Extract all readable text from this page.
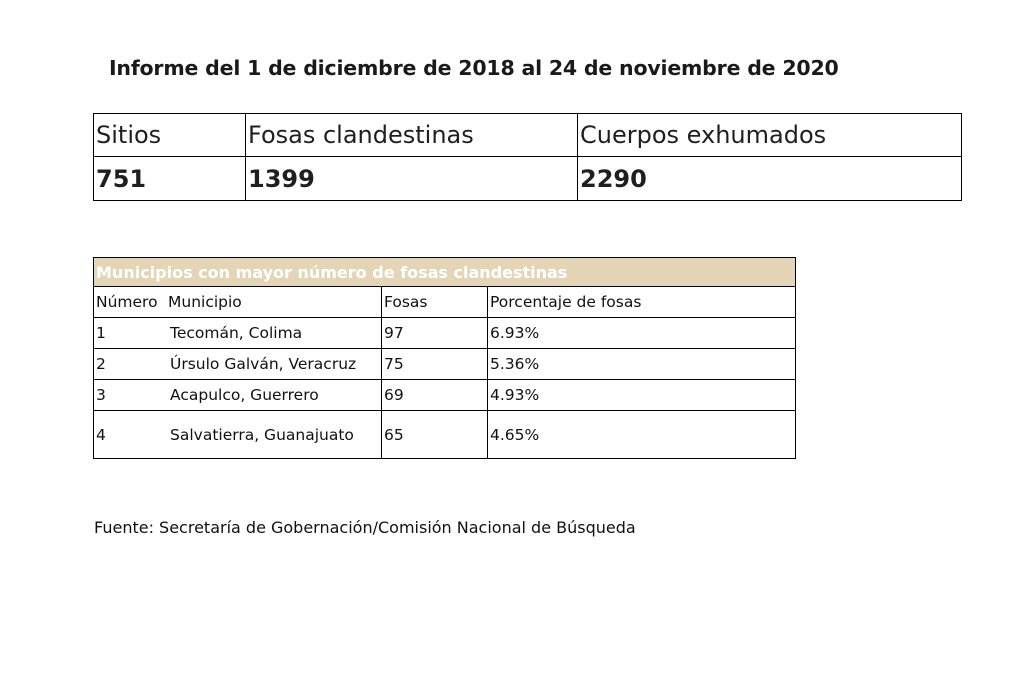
Informe del 1 de diciembre de 2018 al 24 de noviembre de 2020
Sitios	Fosas clandestinas	Cuerpos exhumados
751	1399	2290
Municipios con mayor número de fosas clandestinas		
Número Municipio	Fosas	Porcentaje de fosas
1 Tecomán, Colima	97	6.93%
2 Úrsulo Galván, Veracruz	75	5.36%
3 Acapulco, Guerrero	69	4.93%
4 Salvatierra, Guanajuato	65	4.65%
Fuente: Secretaría de Gobernación/Comisión Nacional de Búsqueda
